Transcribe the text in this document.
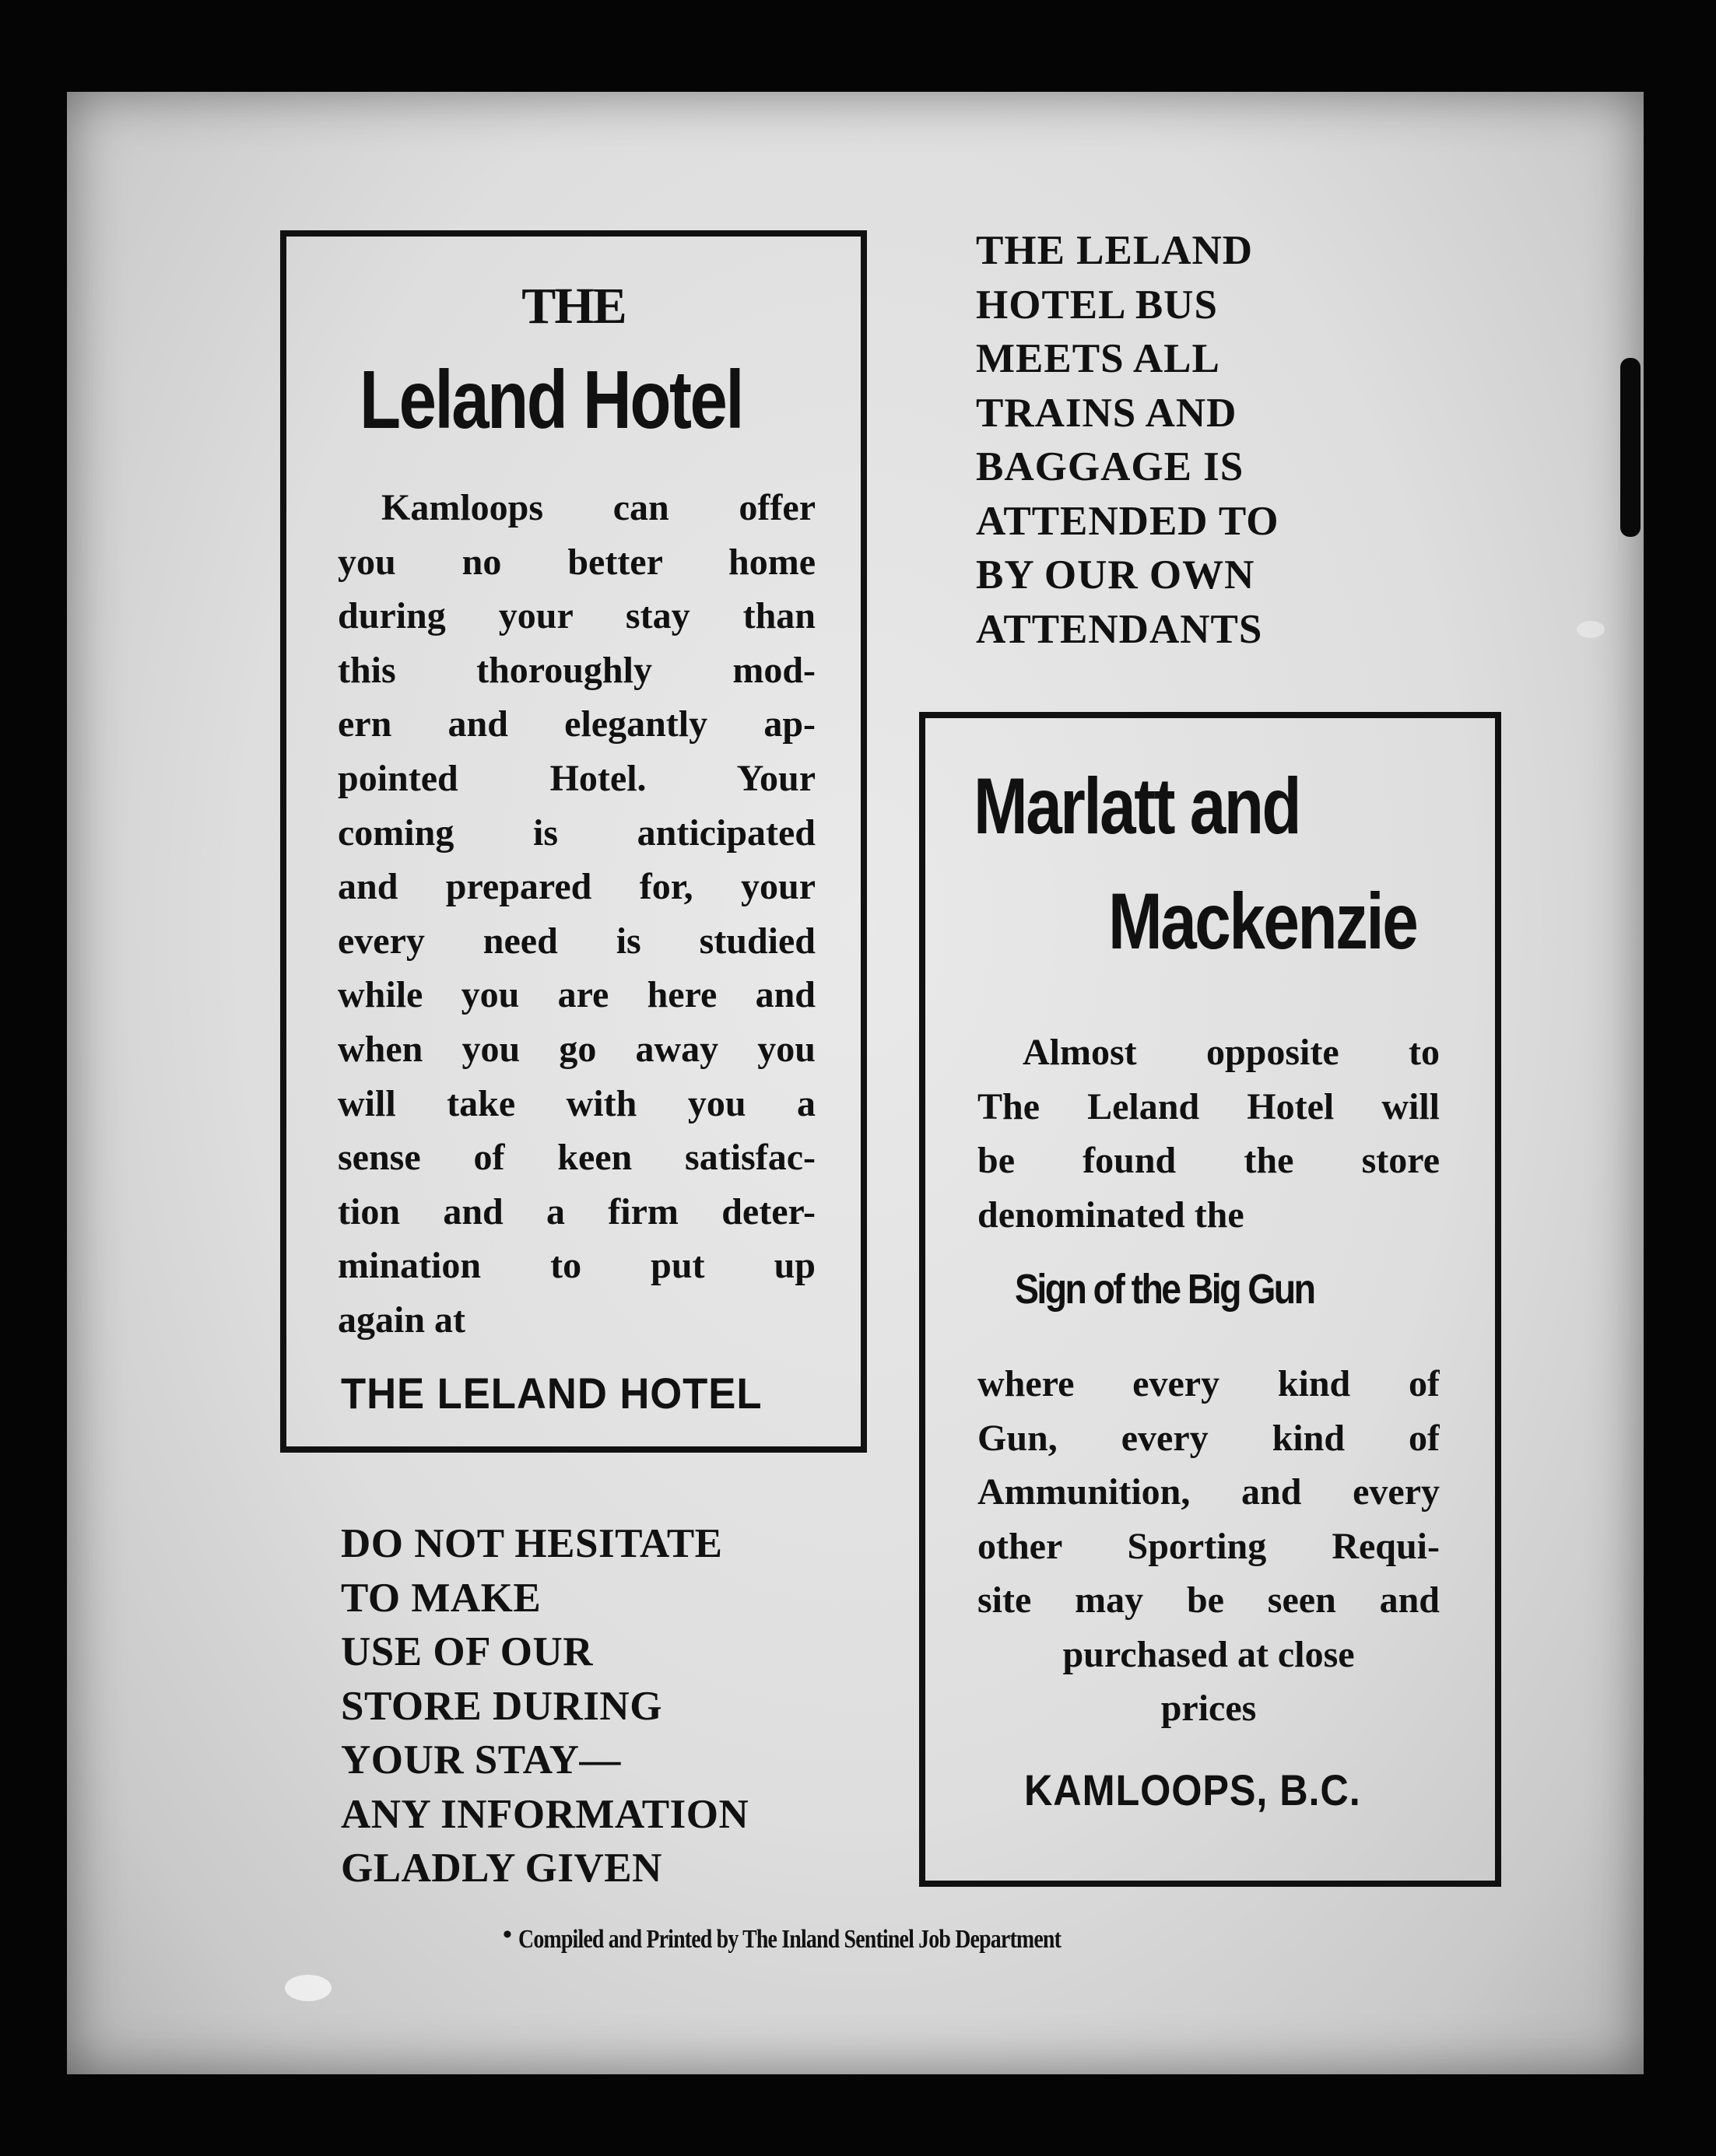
THE
Leland Hotel
Kamloops can offer
you no better home
during your stay than
this thoroughly mod-
ern and elegantly ap-
pointed Hotel. Your
coming is anticipated
and prepared for, your
every need is studied
while you are here and
when you go away you
will take with you a
sense of keen satisfac-
tion and a firm deter-
mination to put up
again at
THE LELAND HOTEL
THE LELAND
HOTEL BUS
MEETS ALL
TRAINS AND
BAGGAGE IS
ATTENDED TO
BY OUR OWN
ATTENDANTS
DO NOT HESITATE
TO MAKE
USE OF OUR
STORE DURING
YOUR STAY—
ANY INFORMATION
GLADLY GIVEN
Marlatt and
Mackenzie
Almost opposite to
The Leland Hotel will
be found the store
denominated the
Sign of the Big Gun
where every kind of
Gun, every kind of
Ammunition, and every
other Sporting Requi-
site may be seen and
purchased at close
prices
KAMLOOPS, B.C.
• Compiled and Printed by The Inland Sentinel Job Department
